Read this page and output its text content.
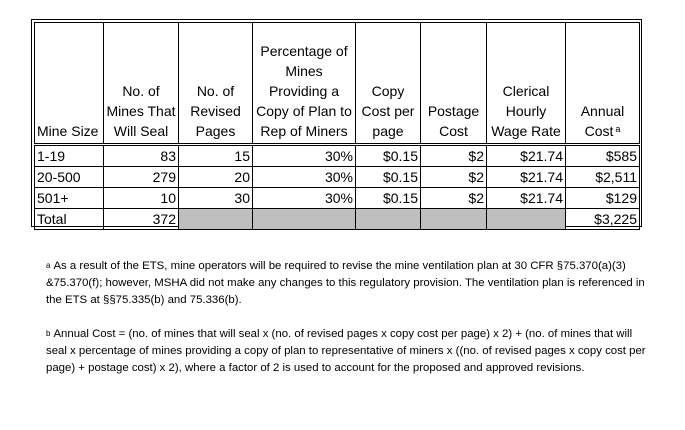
Mine Size	No. of Mines That Will Seal	No. of Revised Pages	Percentage of Mines Providing a Copy of Plan to Rep of Miners	Copy Cost per page	Postage Cost	Clerical Hourly Wage Rate	Annual Cost $^a$
1-19	83	15	30%	$0.15	$2	$21.74	$585
20-500	279	20	30%	$0.15	$2	$21.74	$2,511
501+	10	30	30%	$0.15	$2	$21.74	$129
Total	372						$3,225

$^a$ As a result of the ETS, mine operators will be required to revise the mine ventilation plan at 30 CFR §75.370(a)(3) &75.370(f); however, MSHA did not make any changes to this regulatory provision. The ventilation plan is referenced in the ETS at §§75.335(b) and 75.336(b).

$^b$ Annual Cost = (no. of mines that will seal x (no. of revised pages x copy cost per page) x 2) + (no. of mines that will seal x percentage of mines providing a copy of plan to representative of miners x ((no. of revised pages x copy cost per page) + postage cost) x 2), where a factor of 2 is used to account for the proposed and approved revisions.
